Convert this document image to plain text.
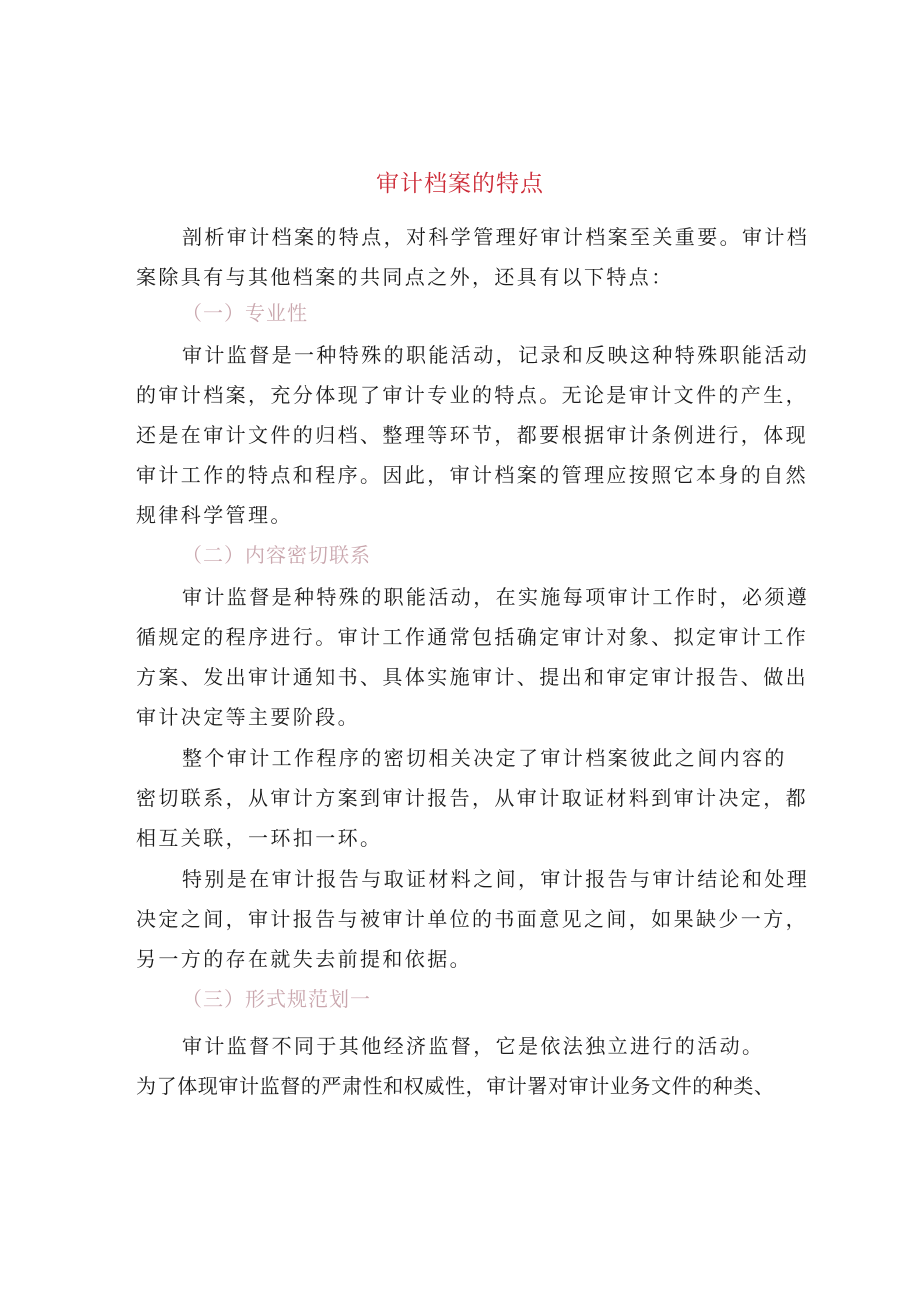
审计档案的特点
剖析审计档案的特点，对科学管理好审计档案至关重要。审计档
案除具有与其他档案的共同点之外，还具有以下特点：
（一）专业性
审计监督是一种特殊的职能活动，记录和反映这种特殊职能活动
的审计档案，充分体现了审计专业的特点。无论是审计文件的产生，
还是在审计文件的归档、整理等环节，都要根据审计条例进行，体现
审计工作的特点和程序。因此，审计档案的管理应按照它本身的自然
规律科学管理。
（二）内容密切联系
审计监督是种特殊的职能活动，在实施每项审计工作时，必须遵
循规定的程序进行。审计工作通常包括确定审计对象、拟定审计工作
方案、发出审计通知书、具体实施审计、提出和审定审计报告、做出
审计决定等主要阶段。
整个审计工作程序的密切相关决定了审计档案彼此之间内容的
密切联系，从审计方案到审计报告，从审计取证材料到审计决定，都
相互关联，一环扣一环。
特别是在审计报告与取证材料之间，审计报告与审计结论和处理
决定之间，审计报告与被审计单位的书面意见之间，如果缺少一方，
另一方的存在就失去前提和依据。
（三）形式规范划一
审计监督不同于其他经济监督，它是依法独立进行的活动。
为了体现审计监督的严肃性和权威性，审计署对审计业务文件的种类、
